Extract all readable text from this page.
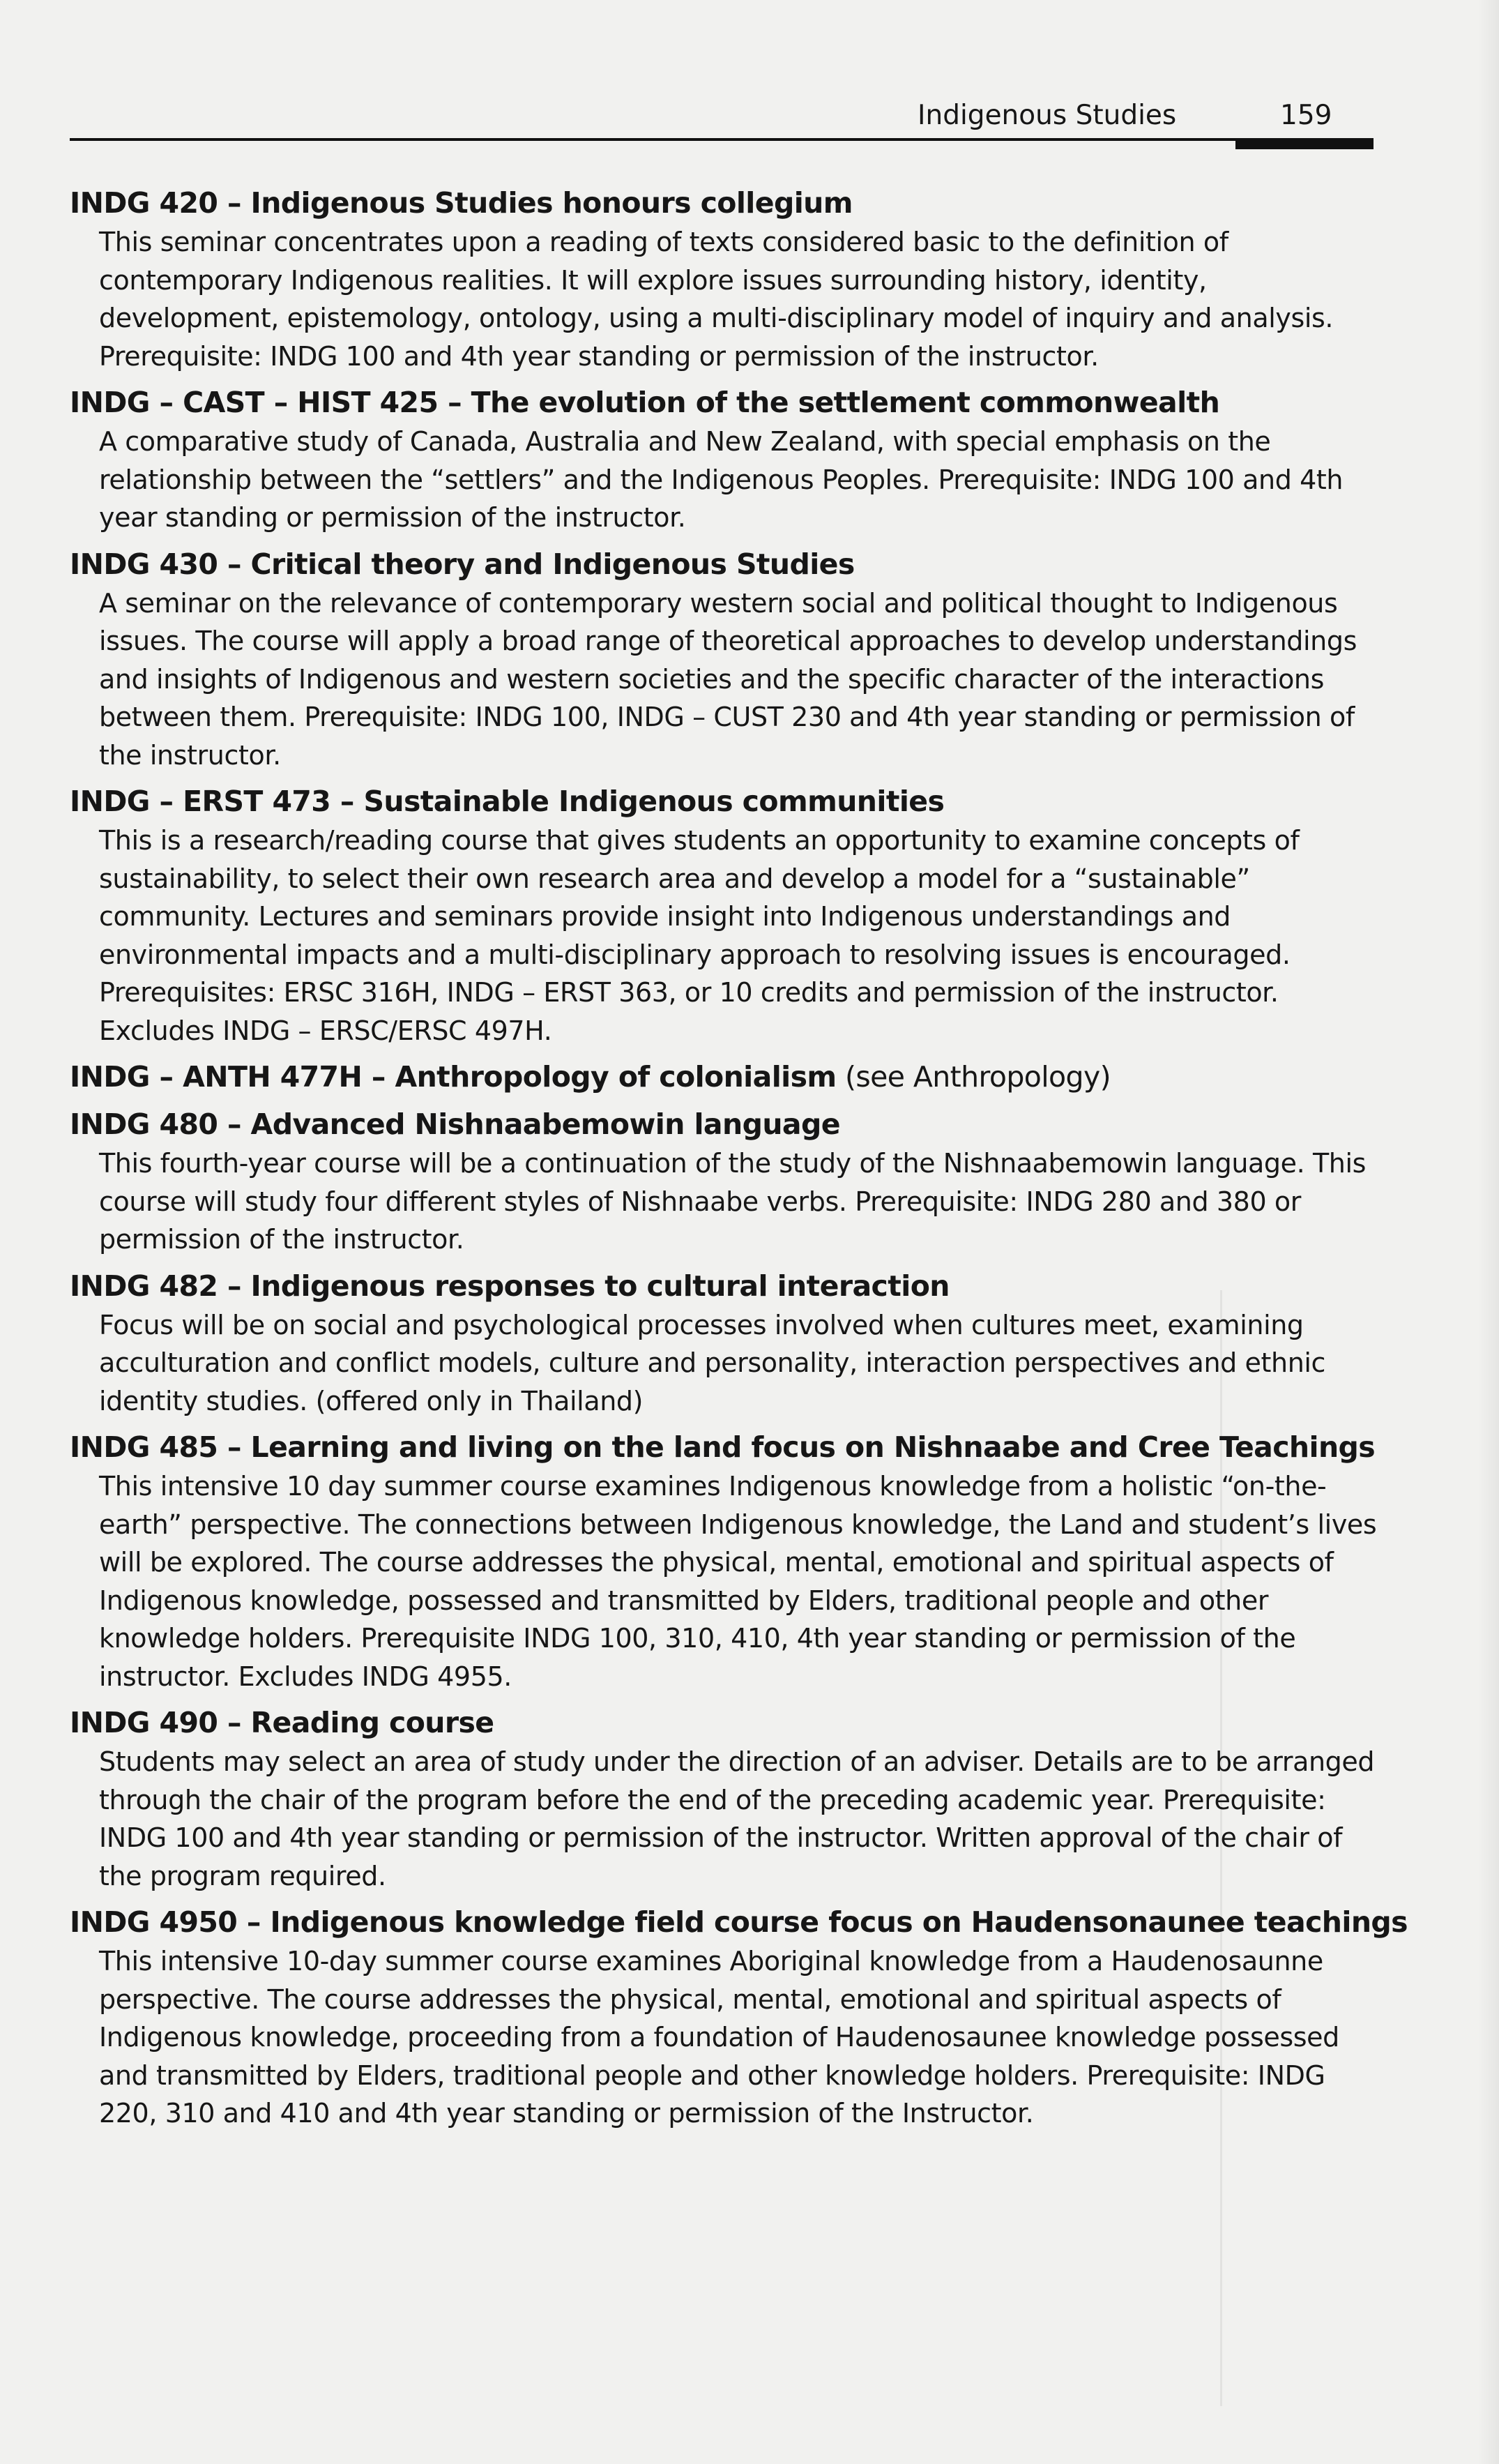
Indigenous Studies	159
INDG 420 – Indigenous Studies honours collegium

This seminar concentrates upon a reading of texts considered basic to the definition of contemporary Indigenous realities. It will explore issues surrounding history, identity, development, epistemology, ontology, using a multi-disciplinary model of inquiry and analysis. Prerequisite: INDG 100 and 4th year standing or permission of the instructor.

INDG – CAST – HIST 425 – The evolution of the settlement commonwealth

A comparative study of Canada, Australia and New Zealand, with special emphasis on the relationship between the “settlers” and the Indigenous Peoples. Prerequisite: INDG 100 and 4th year standing or permission of the instructor.

INDG 430 – Critical theory and Indigenous Studies

A seminar on the relevance of contemporary western social and political thought to Indigenous issues. The course will apply a broad range of theoretical approaches to develop understandings and insights of Indigenous and western societies and the specific character of the interactions between them. Prerequisite: INDG 100, INDG – CUST 230 and 4th year standing or permission of the instructor.

INDG – ERST 473 – Sustainable Indigenous communities

This is a research/reading course that gives students an opportunity to examine concepts of sustainability, to select their own research area and develop a model for a “sustainable” community. Lectures and seminars provide insight into Indigenous understandings and environmental impacts and a multi-disciplinary approach to resolving issues is encouraged. Prerequisites: ERSC 316H, INDG – ERST 363, or 10 credits and permission of the instructor. Excludes INDG – ERSC/ERSC 497H.

INDG – ANTH 477H – Anthropology of colonialism (see Anthropology)
INDG 480 – Advanced Nishnaabemowin language

This fourth-year course will be a continuation of the study of the Nishnaabemowin language. This course will study four different styles of Nishnaabe verbs. Prerequisite: INDG 280 and 380 or permission of the instructor.

INDG 482 – Indigenous responses to cultural interaction

Focus will be on social and psychological processes involved when cultures meet, examining acculturation and conflict models, culture and personality, interaction perspectives and ethnic identity studies. (offered only in Thailand)

INDG 485 – Learning and living on the land focus on Nishnaabe and Cree Teachings

This intensive 10 day summer course examines Indigenous knowledge from a holistic “on-the-earth” perspective. The connections between Indigenous knowledge, the Land and student’s lives will be explored. The course addresses the physical, mental, emotional and spiritual aspects of Indigenous knowledge, possessed and transmitted by Elders, traditional people and other knowledge holders. Prerequisite INDG 100, 310, 410, 4th year standing or permission of the instructor. Excludes INDG 4955.

INDG 490 – Reading course

Students may select an area of study under the direction of an adviser. Details are to be arranged through the chair of the program before the end of the preceding academic year. Prerequisite: INDG 100 and 4th year standing or permission of the instructor. Written approval of the chair of the program required.

INDG 4950 – Indigenous knowledge field course focus on Haudensonaunee teachings

This intensive 10-day summer course examines Aboriginal knowledge from a Haudenosaunne perspective. The course addresses the physical, mental, emotional and spiritual aspects of Indigenous knowledge, proceeding from a foundation of Haudenosaunee knowledge possessed and transmitted by Elders, traditional people and other knowledge holders. Prerequisite: INDG 220, 310 and 410 and 4th year standing or permission of the Instructor.
